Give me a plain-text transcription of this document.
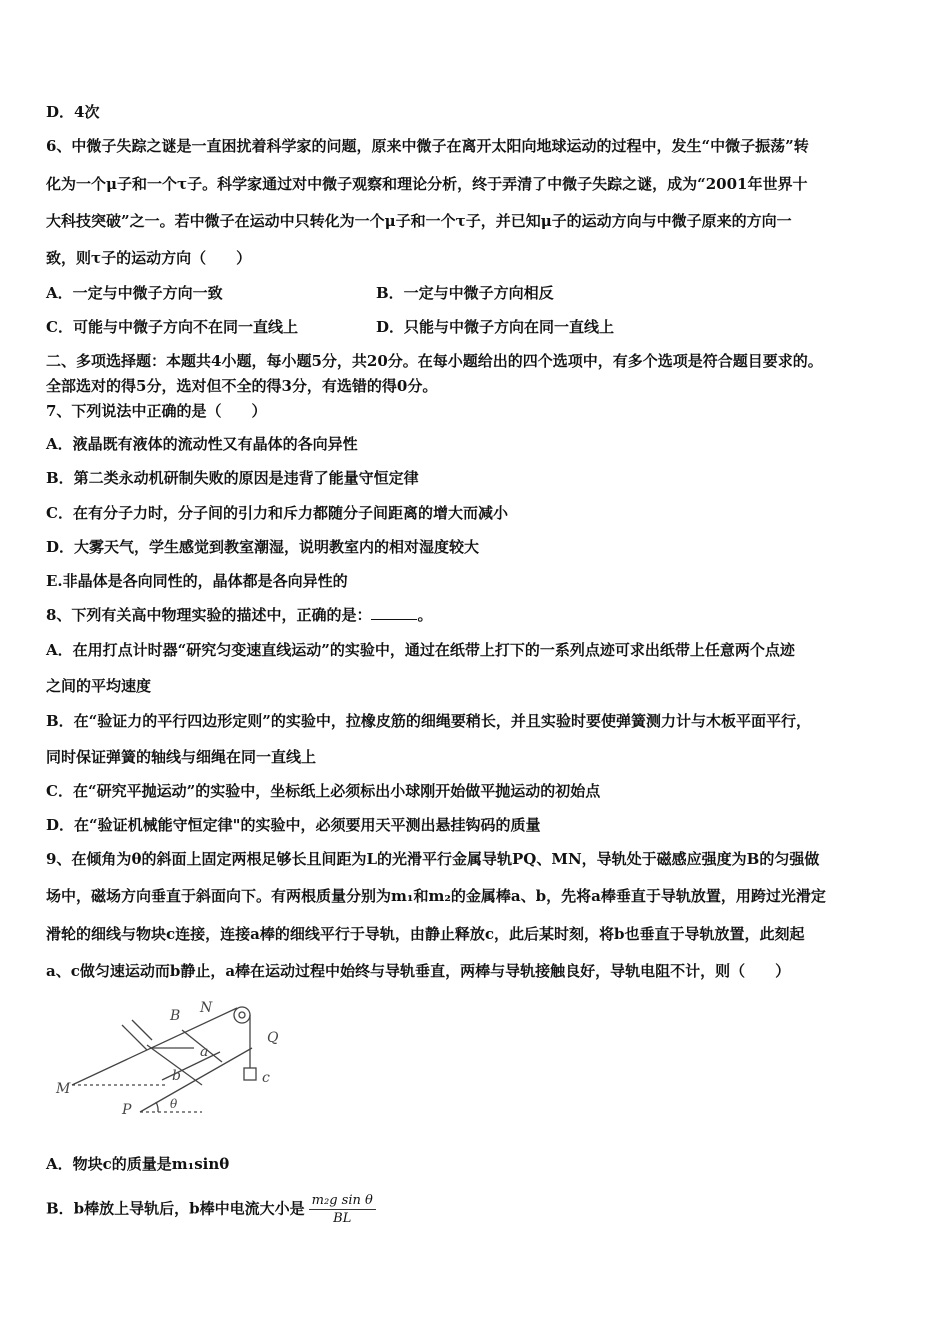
D．4次
6、中微子失踪之谜是一直困扰着科学家的问题，原来中微子在离开太阳向地球运动的过程中，发生“中微子振荡”转
化为一个μ子和一个τ子。科学家通过对中微子观察和理论分析，终于弄清了中微子失踪之谜，成为“2001年世界十
大科技突破”之一。若中微子在运动中只转化为一个μ子和一个τ子，并已知μ子的运动方向与中微子原来的方向一
致，则τ子的运动方向（　　）
A．一定与中微子方向一致	B．一定与中微子方向相反
C．可能与中微子方向不在同一直线上	D．只能与中微子方向在同一直线上
二、多项选择题：本题共4小题，每小题5分，共20分。在每小题给出的四个选项中，有多个选项是符合题目要求的。
全部选对的得5分，选对但不全的得3分，有选错的得0分。
7、下列说法中正确的是（　　）
A．液晶既有液体的流动性又有晶体的各向异性
B．第二类永动机研制失败的原因是违背了能量守恒定律
C．在有分子力时，分子间的引力和斥力都随分子间距离的增大而减小
D．大雾天气，学生感觉到教室潮湿，说明教室内的相对湿度较大
E.非晶体是各向同性的，晶体都是各向异性的
8、下列有关高中物理实验的描述中，正确的是：	。
A．在用打点计时器“研究匀变速直线运动”的实验中，通过在纸带上打下的一系列点迹可求出纸带上任意两个点迹
之间的平均速度
B．在“验证力的平行四边形定则”的实验中，拉橡皮筋的细绳要稍长，并且实验时要使弹簧测力计与木板平面平行，
同时保证弹簧的轴线与细绳在同一直线上
C．在“研究平抛运动”的实验中，坐标纸上必须标出小球刚开始做平抛运动的初始点
D．在“验证机械能守恒定律"的实验中，必须要用天平测出悬挂钩码的质量
9、在倾角为θ的斜面上固定两根足够长且间距为L的光滑平行金属导轨PQ、MN，导轨处于磁感应强度为B的匀强做
场中，磁场方向垂直于斜面向下。有两根质量分别为m₁和m₂的金属棒a、b，先将a棒垂直于导轨放置，用跨过光滑定
滑轮的细线与物块c连接，连接a棒的细线平行于导轨，由静止释放c，此后某时刻，将b也垂直于导轨放置，此刻起
a、c做匀速运动而b静止，a棒在运动过程中始终与导轨垂直，两棒与导轨接触良好，导轨电阻不计，则（　　）
M
N
P
Q
B
a
b	c
θ
A．物块c的质量是m₁sinθ
B．b棒放上导轨后，b棒中电流大小是 $\frac{\text{m₂g sin θ}}{BL}$
